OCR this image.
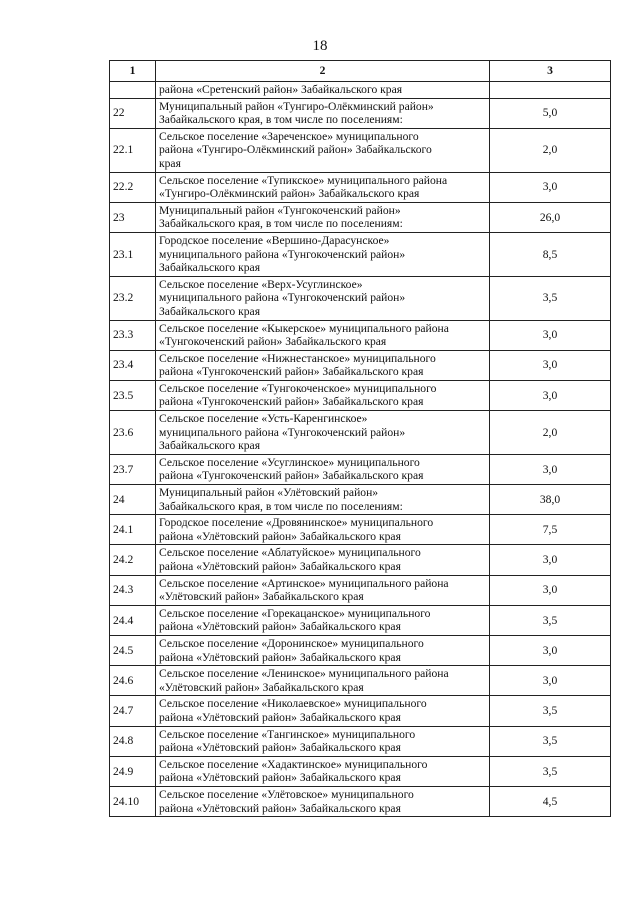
18
1	2	3
	района «Сретенский район» Забайкальского края	
22	Муниципальный район «Тунгиро-Олёкминский район»
Забайкальского края, в том числе по поселениям:	5,0
22.1	Сельское поселение «Зареченское» муниципального
района «Тунгиро-Олёкминский район» Забайкальского
края	2,0
22.2	Сельское поселение «Тупикское» муниципального района
«Тунгиро-Олёкминский район» Забайкальского края	3,0
23	Муниципальный район «Тунгокоченский район»
Забайкальского края, в том числе по поселениям:	26,0
23.1	Городское поселение «Вершино-Дарасунское»
муниципального района «Тунгокоченский район»
Забайкальского края	8,5
23.2	Сельское поселение «Верх-Усуглинское»
муниципального района «Тунгокоченский район»
Забайкальского края	3,5
23.3	Сельское поселение «Кыкерское» муниципального района
«Тунгокоченский район» Забайкальского края	3,0
23.4	Сельское поселение «Нижнестанское» муниципального
района «Тунгокоченский район» Забайкальского края	3,0
23.5	Сельское поселение «Тунгокоченское» муниципального
района «Тунгокоченский район» Забайкальского края	3,0
23.6	Сельское поселение «Усть-Каренгинское»
муниципального района «Тунгокоченский район»
Забайкальского края	2,0
23.7	Сельское поселение «Усуглинское» муниципального
района «Тунгокоченский район» Забайкальского края	3,0
24	Муниципальный район «Улётовский район»
Забайкальского края, в том числе по поселениям:	38,0
24.1	Городское поселение «Дровянинское» муниципального
района «Улётовский район» Забайкальского края	7,5
24.2	Сельское поселение «Аблатуйское» муниципального
района «Улётовский район» Забайкальского края	3,0
24.3	Сельское поселение «Артинское» муниципального района
«Улётовский район» Забайкальского края	3,0
24.4	Сельское поселение «Горекацанское» муниципального
района «Улётовский район» Забайкальского края	3,5
24.5	Сельское поселение «Доронинское» муниципального
района «Улётовский район» Забайкальского края	3,0
24.6	Сельское поселение «Ленинское» муниципального района
«Улётовский район» Забайкальского края	3,0
24.7	Сельское поселение «Николаевское» муниципального
района «Улётовский район» Забайкальского края	3,5
24.8	Сельское поселение «Тангинское» муниципального
района «Улётовский район» Забайкальского края	3,5
24.9	Сельское поселение «Хадактинское» муниципального
района «Улётовский район» Забайкальского края	3,5
24.10	Сельское поселение «Улётовское» муниципального
района «Улётовский район» Забайкальского края	4,5
